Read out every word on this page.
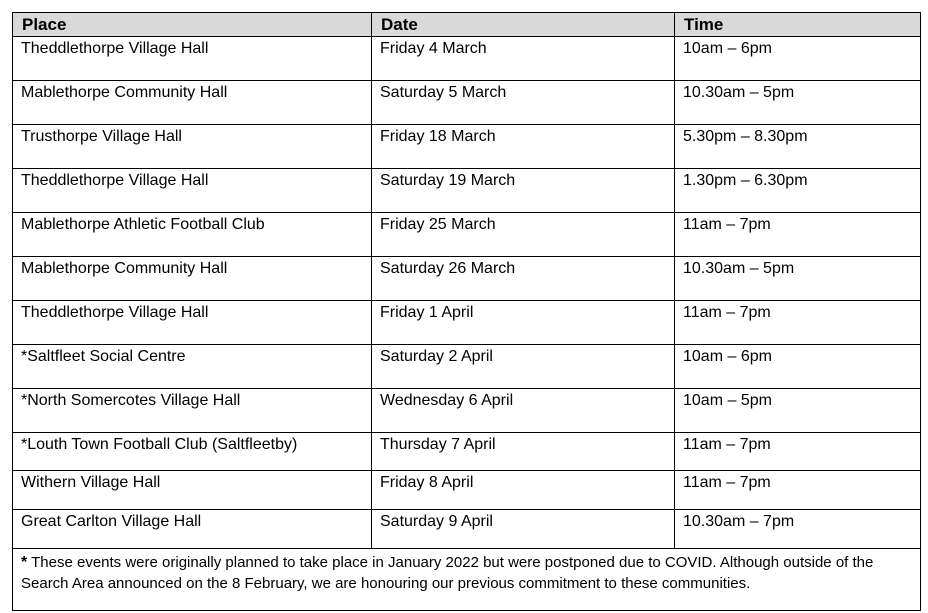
Place	Date	Time
Theddlethorpe Village Hall	Friday 4 March	10am – 6pm
Mablethorpe Community Hall	Saturday 5 March	10.30am – 5pm
Trusthorpe Village Hall	Friday 18 March	5.30pm – 8.30pm
Theddlethorpe Village Hall	Saturday 19 March	1.30pm – 6.30pm
Mablethorpe Athletic Football Club	Friday 25 March	11am – 7pm
Mablethorpe Community Hall	Saturday 26 March	10.30am – 5pm
Theddlethorpe Village Hall	Friday 1 April	11am – 7pm
*Saltfleet Social Centre	Saturday 2 April	10am – 6pm
*North Somercotes Village Hall	Wednesday 6 April	10am – 5pm
*Louth Town Football Club (Saltfleetby)	Thursday 7 April	11am – 7pm
Withern Village Hall	Friday 8 April	11am – 7pm
Great Carlton Village Hall	Saturday 9 April	10.30am – 7pm
* These events were originally planned to take place in January 2022 but were postponed due to COVID. Although outside of the Search Area announced on the 8 February, we are honouring our previous commitment to these communities.		
